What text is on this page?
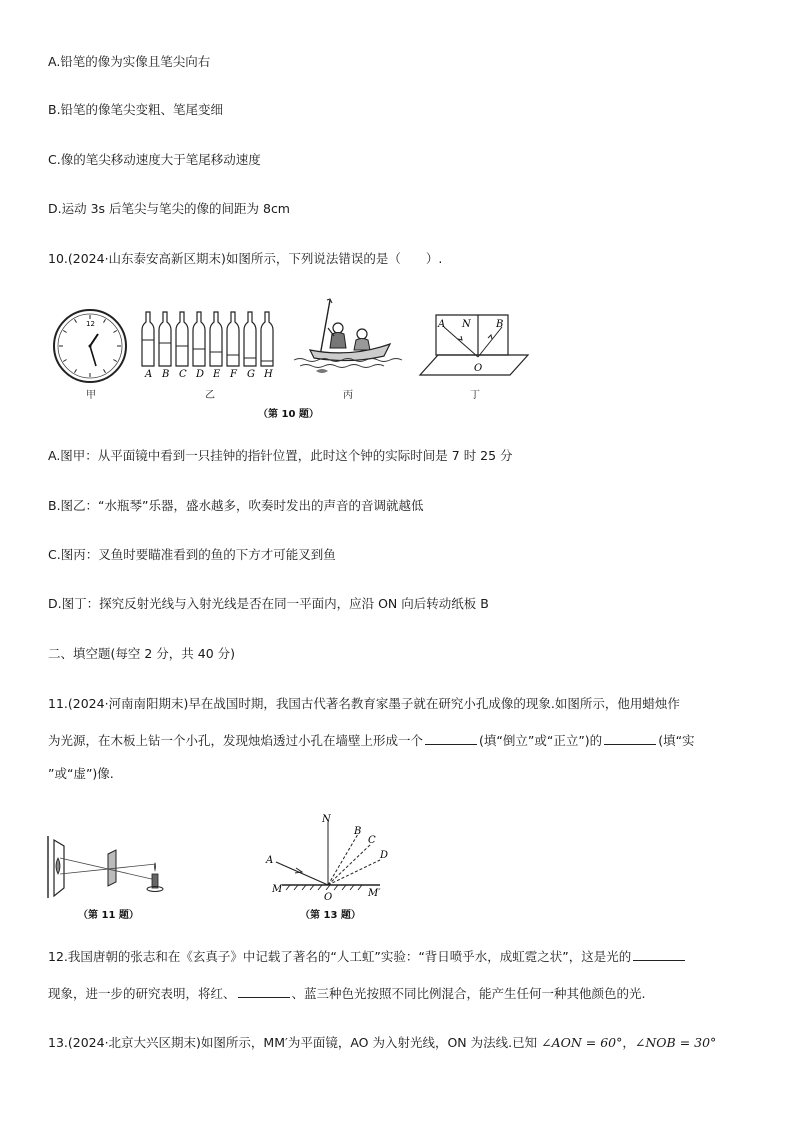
A.铅笔的像为实像且笔尖向右
B.铅笔的像笔尖变粗、笔尾变细
C.像的笔尖移动速度大于笔尾移动速度
D.运动 3s 后笔尖与笔尖的像的间距为 8cm
10.(2024·山东泰安高新区期末)如图所示，下列说法错误的是（　　）.
12
甲
A B C D E F G H
乙	丙
A N	B
O
丁
（第 10 题）
A.图甲：从平面镜中看到一只挂钟的指针位置，此时这个钟的实际时间是 7 时 25 分
B.图乙：“水瓶琴”乐器，盛水越多，吹奏时发出的声音的音调就越低
C.图丙：叉鱼时要瞄准看到的鱼的下方才可能叉到鱼
D.图丁：探究反射光线与入射光线是否在同一平面内，应沿 ON 向后转动纸板 B
二、填空题(每空 2 分，共 40 分)
11.(2024·河南南阳期末)早在战国时期，我国古代著名教育家墨子就在研究小孔成像的现象.如图所示，他用蜡烛作
为光源，在木板上钻一个小孔，发现烛焰透过小孔在墙壁上形成一个	(填“倒立”或“正立”)的	(填“实
”或“虚”)像.
（第 11 题）
N
B
C
D
A
M	M′
O
（第 13 题）
12.我国唐朝的张志和在《玄真子》中记载了著名的“人工虹”实验：“背日喷乎水，成虹霓之状”，这是光的
现象，进一步的研究表明，将红、	、蓝三种色光按照不同比例混合，能产生任何一种其他颜色的光.
13.(2024·北京大兴区期末)如图所示，MM′为平面镜，AO 为入射光线，ON 为法线.已知 ∠AON = 60°，∠NOB = 30°
